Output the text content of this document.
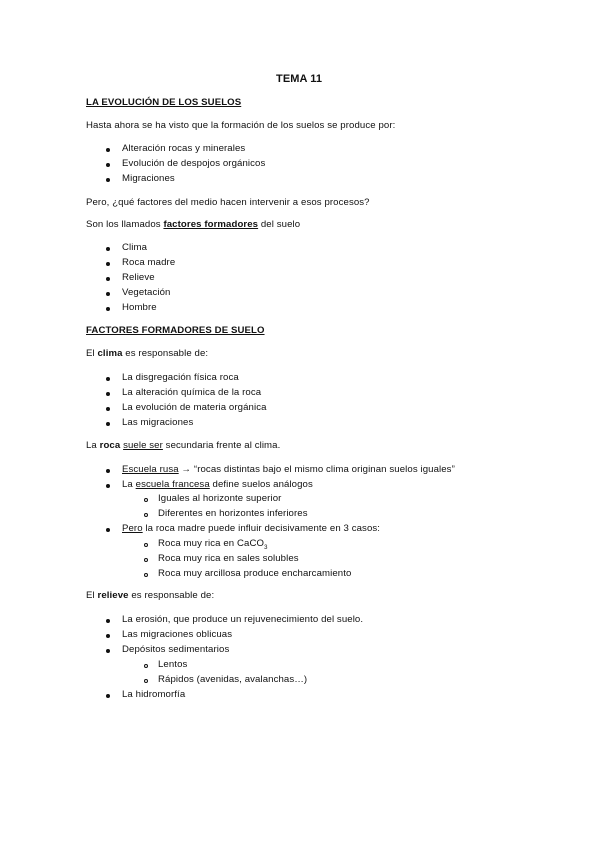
TEMA 11
LA EVOLUCIÓN DE LOS SUELOS
Hasta ahora se ha visto que la formación de los suelos se produce por:
Alteración rocas y minerales
Evolución de despojos orgánicos
Migraciones
Pero, ¿qué factores del medio hacen intervenir a esos procesos?
Son los llamados factores formadores del suelo
Clima
Roca madre
Relieve
Vegetación
Hombre
FACTORES FORMADORES DE SUELO
El clima es responsable de:
La disgregación física roca
La alteración química de la roca
La evolución de materia orgánica
Las migraciones
La roca suele ser secundaria frente al clima.
Escuela rusa → “rocas distintas bajo el mismo clima originan suelos iguales”
La escuela francesa define suelos análogos
Iguales al horizonte superior
Diferentes en horizontes inferiores
Pero la roca madre puede influir decisivamente en 3 casos:
Roca muy rica en CaCO$_3$
Roca muy rica en sales solubles
Roca muy arcillosa produce encharcamiento
El relieve es responsable de:
La erosión, que produce un rejuvenecimiento del suelo.
Las migraciones oblicuas
Depósitos sedimentarios
Lentos
Rápidos (avenidas, avalanchas…)
La hidromorfía
